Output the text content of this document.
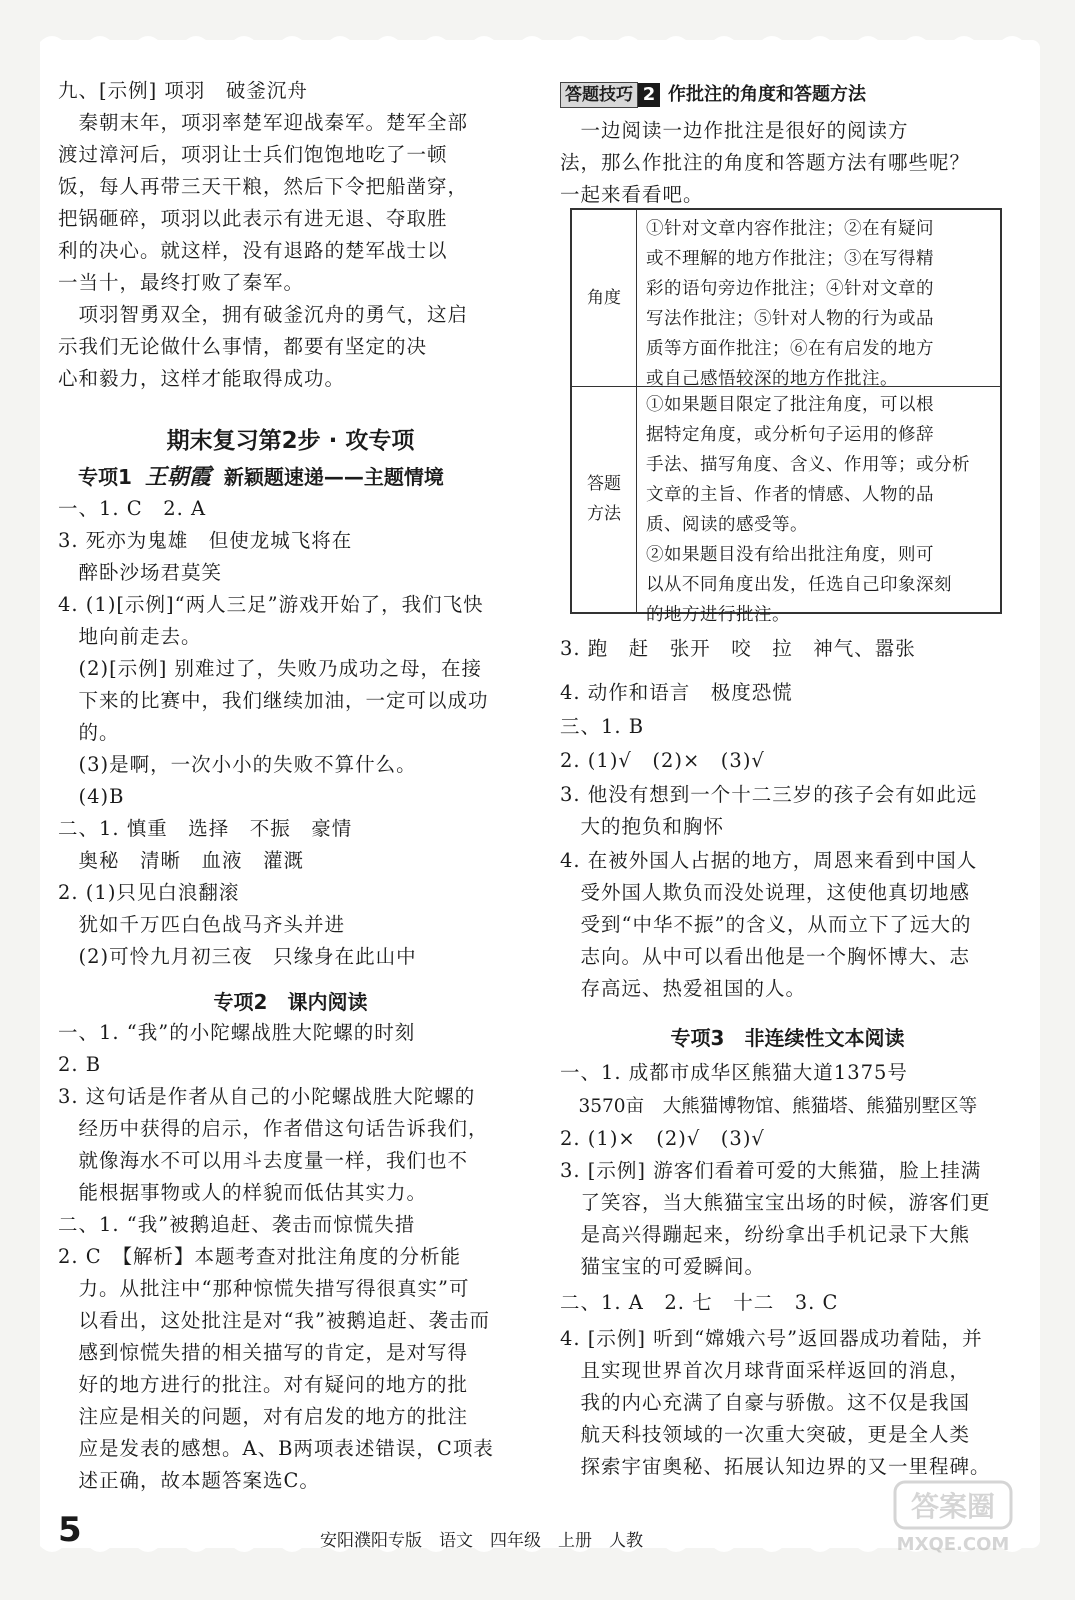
九、[示例] 项羽　破釜沉舟
　秦朝末年，项羽率楚军迎战秦军。楚军全部
渡过漳河后，项羽让士兵们饱饱地吃了一顿
饭，每人再带三天干粮，然后下令把船凿穿，
把锅砸碎，项羽以此表示有进无退、夺取胜
利的决心。就这样，没有退路的楚军战士以
一当十，最终打败了秦军。
　项羽智勇双全，拥有破釜沉舟的勇气，这启
示我们无论做什么事情，都要有坚定的决
心和毅力，这样才能取得成功。
期末复习第2步 · 攻专项
专项1 王朝霞 新颖题速递——主题情境
一、1. C　2. A
3. 死亦为鬼雄　但使龙城飞将在
　醉卧沙场君莫笑
4. (1)[示例]“两人三足”游戏开始了，我们飞快
　地向前走去。
　(2)[示例] 别难过了，失败乃成功之母，在接
　下来的比赛中，我们继续加油，一定可以成功
　的。
　(3)是啊，一次小小的失败不算什么。
　(4)B
二、1. 慎重　选择　不振　豪情
　奥秘　清晰　血液　灌溉
2. (1)只见白浪翻滚
　犹如千万匹白色战马齐头并进
　(2)可怜九月初三夜　只缘身在此山中
专项2　课内阅读
一、1. “我”的小陀螺战胜大陀螺的时刻
2. B
3. 这句话是作者从自己的小陀螺战胜大陀螺的
　经历中获得的启示，作者借这句话告诉我们，
　就像海水不可以用斗去度量一样，我们也不
　能根据事物或人的样貌而低估其实力。
二、1. “我”被鹅追赶、袭击而惊慌失措
2. C　【解析】本题考查对批注角度的分析能
　力。从批注中“那种惊慌失措写得很真实”可
　以看出，这处批注是对“我”被鹅追赶、袭击而
　感到惊慌失措的相关描写的肯定，是对写得
　好的地方进行的批注。对有疑问的地方的批
　注应是相关的问题，对有启发的地方的批注
　应是发表的感想。A、B两项表述错误，C项表
　述正确，故本题答案选C。
答题技巧 2 作批注的角度和答题方法
　一边阅读一边作批注是很好的阅读方
法，那么作批注的角度和答题方法有哪些呢？
一起来看看吧。
角度
①针对文章内容作批注；②在有疑问
或不理解的地方作批注；③在写得精
彩的语句旁边作批注；④针对文章的
写法作批注；⑤针对人物的行为或品
质等方面作批注；⑥在有启发的地方
或自己感悟较深的地方作批注。
答题
方法
①如果题目限定了批注角度，可以根
据特定角度，或分析句子运用的修辞
手法、描写角度、含义、作用等；或分析
文章的主旨、作者的情感、人物的品
质、阅读的感受等。
②如果题目没有给出批注角度，则可
以从不同角度出发，任选自己印象深刻
的地方进行批注。
3. 跑　赶　张开　咬　拉　神气、嚣张
4. 动作和语言　极度恐慌
三、1. B
2. (1)√　(2)×　(3)√
3. 他没有想到一个十二三岁的孩子会有如此远
　大的抱负和胸怀
4. 在被外国人占据的地方，周恩来看到中国人
　受外国人欺负而没处说理，这使他真切地感
　受到“中华不振”的含义，从而立下了远大的
　志向。从中可以看出他是一个胸怀博大、志
　存高远、热爱祖国的人。
专项3　非连续性文本阅读
一、1. 成都市成华区熊猫大道1375号
　3570亩　大熊猫博物馆、熊猫塔、熊猫别墅区等
2. (1)×　(2)√　(3)√
3. [示例] 游客们看着可爱的大熊猫，脸上挂满
　了笑容，当大熊猫宝宝出场的时候，游客们更
　是高兴得蹦起来，纷纷拿出手机记录下大熊
　猫宝宝的可爱瞬间。
二、1. A　2. 七　十二　3. C
4. [示例] 听到“嫦娥六号”返回器成功着陆，并
　且实现世界首次月球背面采样返回的消息，
　我的内心充满了自豪与骄傲。这不仅是我国
　航天科技领域的一次重大突破，更是全人类
　探索宇宙奥秘、拓展认知边界的又一里程碑。
5	安阳濮阳专版　语文　四年级　上册　人教
答案圈
MXQE.COM
